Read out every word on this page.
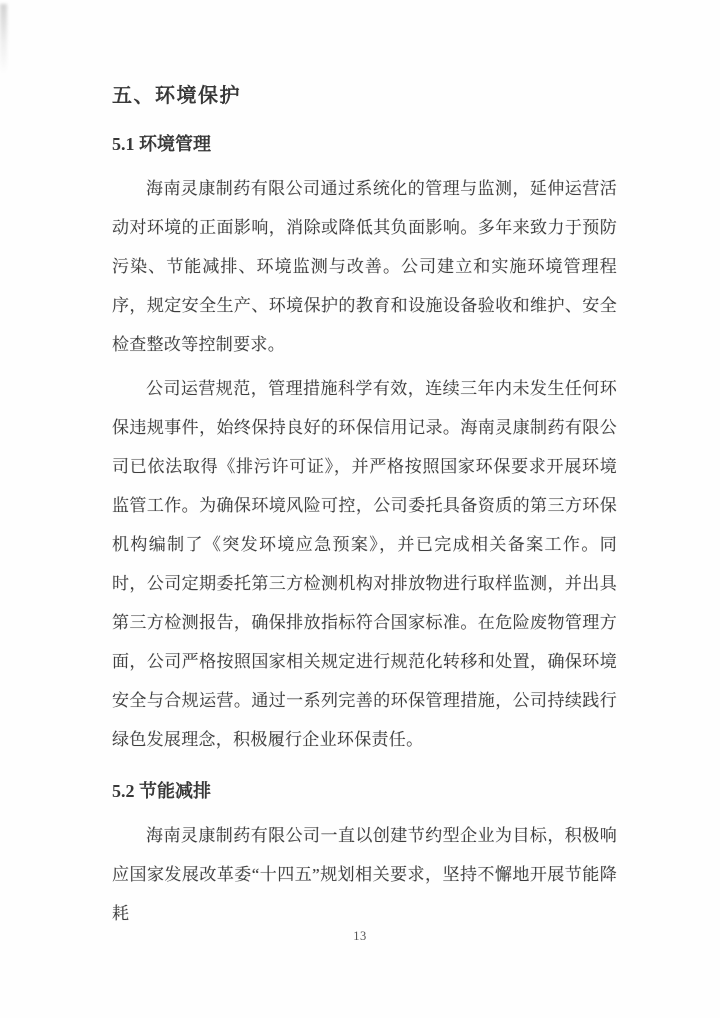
五、环境保护
5.1 环境管理

海南灵康制药有限公司通过系统化的管理与监测，延伸运营活动对环境的正面影响，消除或降低其负面影响。多年来致力于预防污染、节能减排、环境监测与改善。公司建立和实施环境管理程序，规定安全生产、环境保护的教育和设施设备验收和维护、安全检查整改等控制要求。

公司运营规范，管理措施科学有效，连续三年内未发生任何环保违规事件，始终保持良好的环保信用记录。海南灵康制药有限公司已依法取得《排污许可证》，并严格按照国家环保要求开展环境监管工作。为确保环境风险可控，公司委托具备资质的第三方环保机构编制了《突发环境应急预案》，并已完成相关备案工作。同时，公司定期委托第三方检测机构对排放物进行取样监测，并出具第三方检测报告，确保排放指标符合国家标准。在危险废物管理方面，公司严格按照国家相关规定进行规范化转移和处置，确保环境安全与合规运营。通过一系列完善的环保管理措施，公司持续践行绿色发展理念，积极履行企业环保责任。

5.2 节能减排

海南灵康制药有限公司一直以创建节约型企业为目标，积极响应国家发展改革委“十四五”规划相关要求，坚持不懈地开展节能降耗

13
